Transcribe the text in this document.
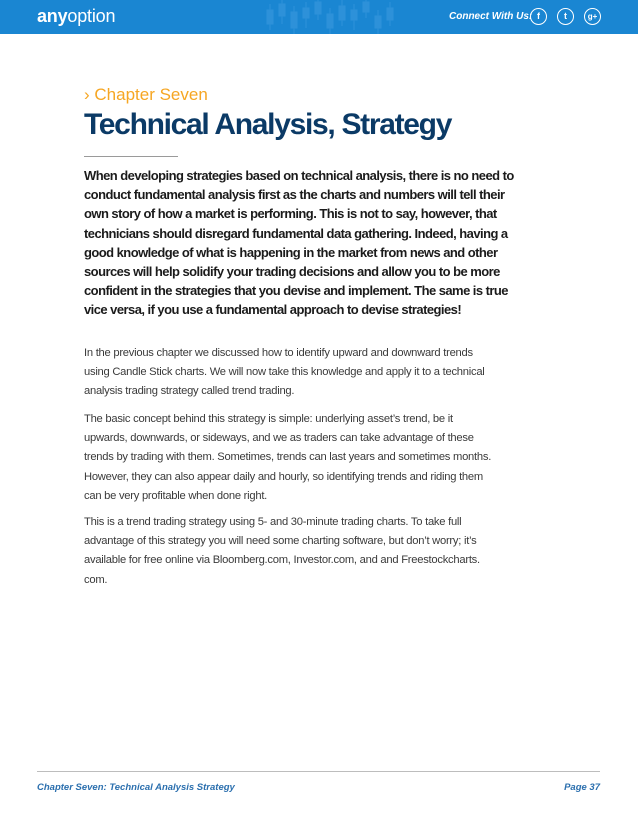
anyoption	Connect With Us: f	t	g+
› Chapter Seven
Technical Analysis, Strategy

When developing strategies based on technical analysis, there is no need to
conduct fundamental analysis first as the charts and numbers will tell their
own story of how a market is performing. This is not to say, however, that
technicians should disregard fundamental data gathering. Indeed, having a
good knowledge of what is happening in the market from news and other
sources will help solidify your trading decisions and allow you to be more
confident in the strategies that you devise and implement. The same is true
vice versa, if you use a fundamental approach to devise strategies!

In the previous chapter we discussed how to identify upward and downward trends
using Candle Stick charts. We will now take this knowledge and apply it to a technical
analysis trading strategy called trend trading.

The basic concept behind this strategy is simple: underlying asset’s trend, be it
upwards, downwards, or sideways, and we as traders can take advantage of these
trends by trading with them. Sometimes, trends can last years and sometimes months.
However, they can also appear daily and hourly, so identifying trends and riding them
can be very profitable when done right.

This is a trend trading strategy using 5- and 30-minute trading charts. To take full
advantage of this strategy you will need some charting software, but don’t worry; it’s
available for free online via Bloomberg.com, Investor.com, and and Freestockcharts.
com.

Chapter Seven: Technical Analysis Strategy	Page 37
